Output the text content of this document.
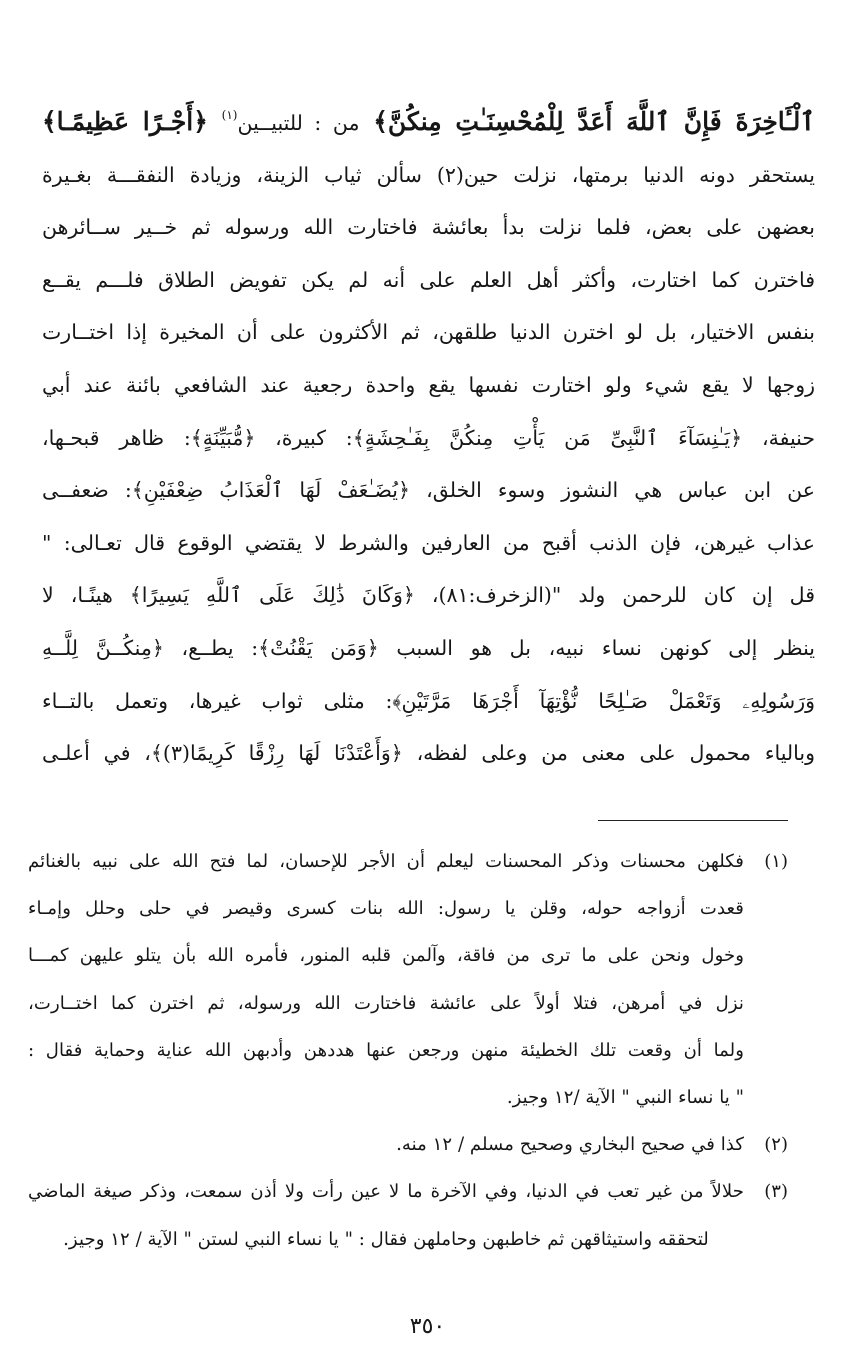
ٱلْـَٔاخِرَةَ فَإِنَّ ٱللَّهَ أَعَدَّ لِلْمُحْسِنَـٰتِ مِنكُنَّ﴾ من : للتبيــين$^{(١)}$ ﴿أَجْـرًا عَظِيمًـا﴾
يستحقر دونه الدنيا برمتها، نزلت حين(٢) سألن ثياب الزينة، وزيادة النفقـــة بغـيرة
بعضهن على بعض، فلما نزلت بدأ بعائشة فاختارت الله ورسوله ثم خــير ســائرهن
فاخترن كما اختارت، وأكثر أهل العلم على أنه لم يكن تفويض الطلاق فلـــم يقــع
بنفس الاختيار، بل لو اخترن الدنيا طلقهن، ثم الأكثرون على أن المخيرة إذا اختــارت
زوجها لا يقع شيء ولو اختارت نفسها يقع واحدة رجعية عند الشافعي بائنة عند أبي
حنيفة، ﴿يَـٰنِسَآءَ ٱلنَّبِىِّ مَن يَأْتِ مِنكُنَّ بِفَـٰحِشَةٍ﴾: كبيرة، ﴿مُّبَيِّنَةٍ﴾: ظاهر قبحـها،
عن ابن عباس هي النشوز وسوء الخلق، ﴿يُضَـٰعَفْ لَهَا ٱلْعَذَابُ ضِعْفَيْنِ﴾: ضعفــى
عذاب غيرهن، فإن الذنب أقبح من العارفين والشرط لا يقتضي الوقوع قال تعـالى: "
قل إن كان للرحمن ولد "(الزخرف:٨١)، ﴿وَكَانَ ذَٰلِكَ عَلَى ٱللَّهِ يَسِيرًا﴾ هينًـا، لا
ينظر إلى كونهن نساء نبيه، بل هو السبب ﴿وَمَن يَقْنُتْ﴾: يطــع، ﴿مِنكُــنَّ لِلَّــهِ
وَرَسُولِهِۦ وَتَعْمَلْ صَـٰلِحًا نُّؤْتِهَآ أَجْرَهَا مَرَّتَيْنِ﴾: مثلى ثواب غيرها، وتعمل بالتــاء
وبالياء محمول على معنى من وعلى لفظه، ﴿وَأَعْتَدْنَا لَهَا رِزْقًا كَرِيمًا(٣)﴾، في أعلـى
(١)
فكلهن محسنات وذكر المحسنات ليعلم أن الأجر للإحسان، لما فتح الله على نبيه بالغنائم
قعدت أزواجه حوله، وقلن يا رسول: الله بنات كسرى وقيصر في حلى وحلل وإمـاء
وخول ونحن على ما ترى من فاقة، وآلمن قلبه المنور، فأمره الله بأن يتلو عليهن كمـــا
نزل في أمرهن، فتلا أولاً على عائشة فاختارت الله ورسوله، ثم اخترن كما اختــارت،
ولما أن وقعت تلك الخطيئة منهن ورجعن عنها هددهن وأدبهن الله عناية وحماية فقال :
" يا نساء النبي " الآية /١٢ وجيز.
(٢)
كذا في صحيح البخاري وصحيح مسلم / ١٢ منه.
(٣)
حلالاً من غير تعب في الدنيا، وفي الآخرة ما لا عين رأت ولا أذن سمعت، وذكر صيغة الماضي
لتحققه واستيثاقهن ثم خاطبهن وحاملهن فقال : " يا نساء النبي لستن " الآية / ١٢ وجيز.
٣٥٠
